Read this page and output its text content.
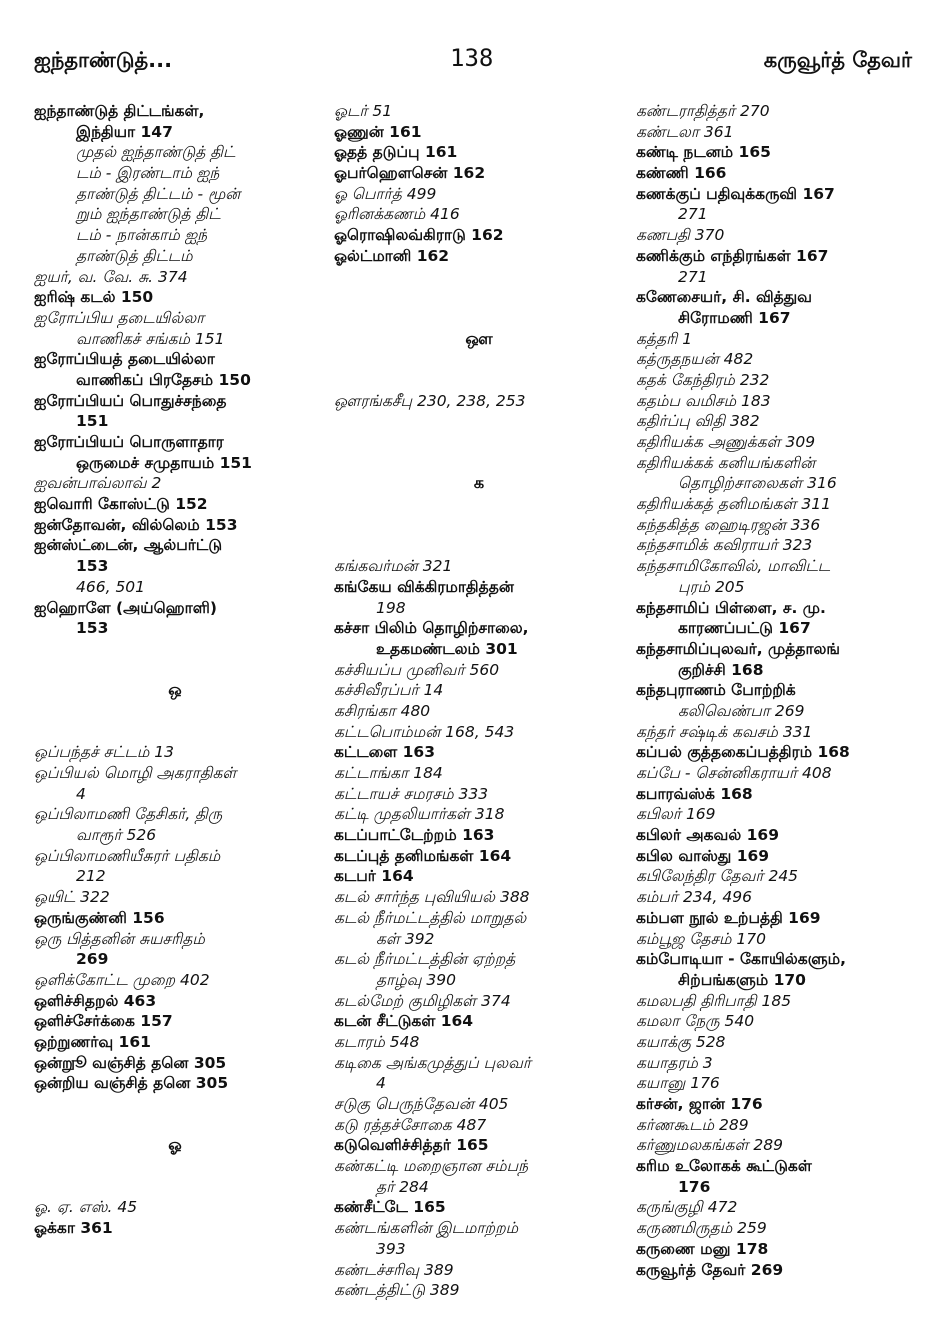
ஐந்தாண்டுத்...	138	கருவூர்த் தேவர்
ஐந்தாண்டுத் திட்டங்கள்,
இந்தியா 147
முதல் ஐந்தாண்டுத் திட்
டம் - இரண்டாம் ஐந்
தாண்டுத் திட்டம் - மூன்
றும் ஐந்தாண்டுத் திட்
டம் - நான்காம் ஐந்
தாண்டுத் திட்டம்
ஐயர், வ. வே. சு. 374
ஐரிஷ் கடல் 150
ஐரோப்பிய தடையில்லா
வாணிகச் சங்கம் 151
ஐரோப்பியத் தடையில்லா
வாணிகப் பிரதேசம் 150
ஐரோப்பியப் பொதுச்சந்தை
151
ஐரோப்பியப் பொருளாதார
ஒருமைச் சமுதாயம் 151
ஐவன்பாவ்லாவ் 2
ஐவொரி கோஸ்ட்டு 152
ஐன்தோவன், வில்லெம் 153
ஐன்ஸ்ட்டைன், ஆல்பர்ட்டு
153
466, 501
ஐஹொளே (அய்ஹொளி)
153
ஒ
ஒப்பந்தச் சட்டம் 13
ஒப்பியல் மொழி அகராதிகள்
4
ஒப்பிலாமணி தேசிகர், திரு
வாரூர் 526
ஒப்பிலாமணியீசுரர் பதிகம்
212
ஒயிட் 322
ஒருங்குண்னி 156
ஒரு பித்தனின் சுயசரிதம்
269
ஒளிக்கோட்ட முறை 402
ஒளிச்சிதறல் 463
ஒளிச்சேர்க்கை 157
ஒற்றுணர்வு 161
ஒன்றுூ வஞ்சித் தனெ 305
ஒன்றிய வஞ்சித் தனெ 305
ஓ
ஓ. ஏ. எஸ். 45
ஓக்கா 361
ஓடர் 51
ஓணுன் 161
ஓதத் தடுப்பு 161
ஓபர்ஹெளசென் 162
ஓ பொர்த் 499
ஓரினக்கணம் 416
ஓரொஷிலவ்கிராடு 162
ஓல்ட்மானி 162
ஔ
ஔரங்கசீபு 230, 238, 253
க
கங்கவர்மன் 321
கங்கேய விக்கிரமாதித்தன்
198
கச்சா பிலிம் தொழிற்சாலை,
உதகமண்டலம் 301
கச்சியப்ப முனிவர் 560
கச்சிவீரப்பர் 14
கசிரங்கா 480
கட்டபொம்மன் 168, 543
கட்டளை 163
கட்டாங்கா 184
கட்டாயச் சமரசம் 333
கட்டி முதலியார்கள் 318
கடப்பாட்டேற்றம் 163
கடப்புத் தனிமங்கள் 164
கடபர் 164
கடல் சார்ந்த புவியியல் 388
கடல் நீர்மட்டத்தில் மாறுதல்
கள் 392
கடல் நீர்மட்டத்தின் ஏற்றத்
தாழ்வு 390
கடல்மேற் குமிழிகள் 374
கடன் சீட்டுகள் 164
கடாரம் 548
கடிகை அங்கமுத்துப் புலவர்
4
சடுகு பெருந்தேவன் 405
கடு ரத்தச்சோகை 487
கடுவெளிச்சித்தர் 165
கண்கட்டி மறைஞான சம்பந்
தர் 284
கண்சீட்டே 165
கண்டங்களின் இடமாற்றம்
393
கண்டச்சரிவு 389
கண்டத்திட்டு 389
கண்டராதித்தர் 270
கண்டலா 361
கண்டி நடனம் 165
கண்ணி 166
கணக்குப் பதிவுக்கருவி 167
271
கணபதி 370
கணிக்கும் எந்திரங்கள் 167
271
கணேசையர், சி. வித்துவ
சிரோமணி 167
கத்தரி 1
கத்ருதநயன் 482
கதக் கேந்திரம் 232
கதம்ப வமிசம் 183
கதிர்ப்பு விதி 382
கதிரியக்க அணுக்கள் 309
கதிரியக்கக் கனியங்களின்
தொழிற்சாலைகள் 316
கதிரியக்கத் தனிமங்கள் 311
கந்தகித்த ஹைடிரஜன் 336
கந்தசாமிக் கவிராயர் 323
கந்தசாமிகோவில், மாவிட்ட
புரம் 205
கந்தசாமிப் பிள்ளை, ச. மு.
காரணப்பட்டு 167
கந்தசாமிப்புலவர், முத்தாலங்
குறிச்சி 168
கந்தபுராணம் போற்றிக்
கலிவெண்பா 269
கந்தர் சஷ்டிக் கவசம் 331
கப்பல் குத்தகைப்பத்திரம் 168
கப்பே - சென்னிகராயர் 408
கபாரவ்ஸ்க் 168
கபிலர் 169
கபிலர் அகவல் 169
கபில வாஸ்து 169
கபிலேந்திர தேவர் 245
கம்பர் 234, 496
கம்பள நூல் உற்பத்தி 169
கம்பூஜ தேசம் 170
கம்போடியா - கோயில்களும்,
சிற்பங்களும் 170
கமலபதி திரிபாதி 185
கமலா நேரு 540
கயாக்கு 528
கயாதரம் 3
கயானு 176
கர்சன், ஜான் 176
கர்ணகூடம் 289
கர்ணுமலகங்கள் 289
கரிம உலோகக் கூட்டுகள்
176
கருங்குழி 472
கருணமிருதம் 259
கருணை மனு 178
கருவூர்த் தேவர் 269
